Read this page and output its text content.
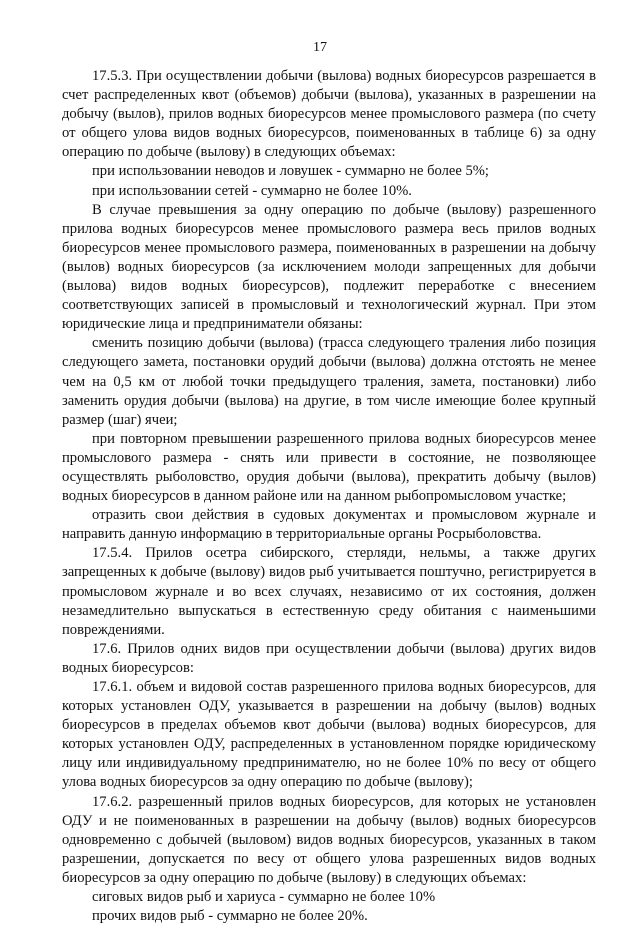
17

17.5.3. При осуществлении добычи (вылова) водных биоресурсов разрешается в счет распределенных квот (объемов) добычи (вылова), указанных в разрешении на добычу (вылов), прилов водных биоресурсов менее промыслового размера (по счету от общего улова видов водных биоресурсов, поименованных в таблице 6) за одну операцию по добыче (вылову) в следующих объемах:

при использовании неводов и ловушек - суммарно не более 5%;

при использовании сетей - суммарно не более 10%.

В случае превышения за одну операцию по добыче (вылову) разрешенного прилова водных биоресурсов менее промыслового размера весь прилов водных биоресурсов менее промыслового размера, поименованных в разрешении на добычу (вылов) водных биоресурсов (за исключением молоди запрещенных для добычи (вылова) видов водных биоресурсов), подлежит переработке с внесением соответствующих записей в промысловый и технологический журнал. При этом юридические лица и предприниматели обязаны:

сменить позицию добычи (вылова) (трасса следующего траления либо позиция следующего замета, постановки орудий добычи (вылова) должна отстоять не менее чем на 0,5 км от любой точки предыдущего траления, замета, постановки) либо заменить орудия добычи (вылова) на другие, в том числе имеющие более крупный размер (шаг) ячеи;

при повторном превышении разрешенного прилова водных биоресурсов менее промыслового размера - снять или привести в состояние, не позволяющее осуществлять рыболовство, орудия добычи (вылова), прекратить добычу (вылов) водных биоресурсов в данном районе или на данном рыбопромысловом участке;

отразить свои действия в судовых документах и промысловом журнале и направить данную информацию в территориальные органы Росрыболовства.

17.5.4. Прилов осетра сибирского, стерляди, нельмы, а также других запрещенных к добыче (вылову) видов рыб учитывается поштучно, регистрируется в промысловом журнале и во всех случаях, независимо от их состояния, должен незамедлительно выпускаться в естественную среду обитания с наименьшими повреждениями.

17.6. Прилов одних видов при осуществлении добычи (вылова) других видов водных биоресурсов:

17.6.1. объем и видовой состав разрешенного прилова водных биоресурсов, для которых установлен ОДУ, указывается в разрешении на добычу (вылов) водных биоресурсов в пределах объемов квот добычи (вылова) водных биоресурсов, для которых установлен ОДУ, распределенных в установленном порядке юридическому лицу или индивидуальному предпринимателю, но не более 10% по весу от общего улова водных биоресурсов за одну операцию по добыче (вылову);

17.6.2. разрешенный прилов водных биоресурсов, для которых не установлен ОДУ и не поименованных в разрешении на добычу (вылов) водных биоресурсов одновременно с добычей (выловом) видов водных биоресурсов, указанных в таком разрешении, допускается по весу от общего улова разрешенных видов водных биоресурсов за одну операцию по добыче (вылову) в следующих объемах:

сиговых видов рыб и хариуса - суммарно не более 10%

прочих видов рыб - суммарно не более 20%.
